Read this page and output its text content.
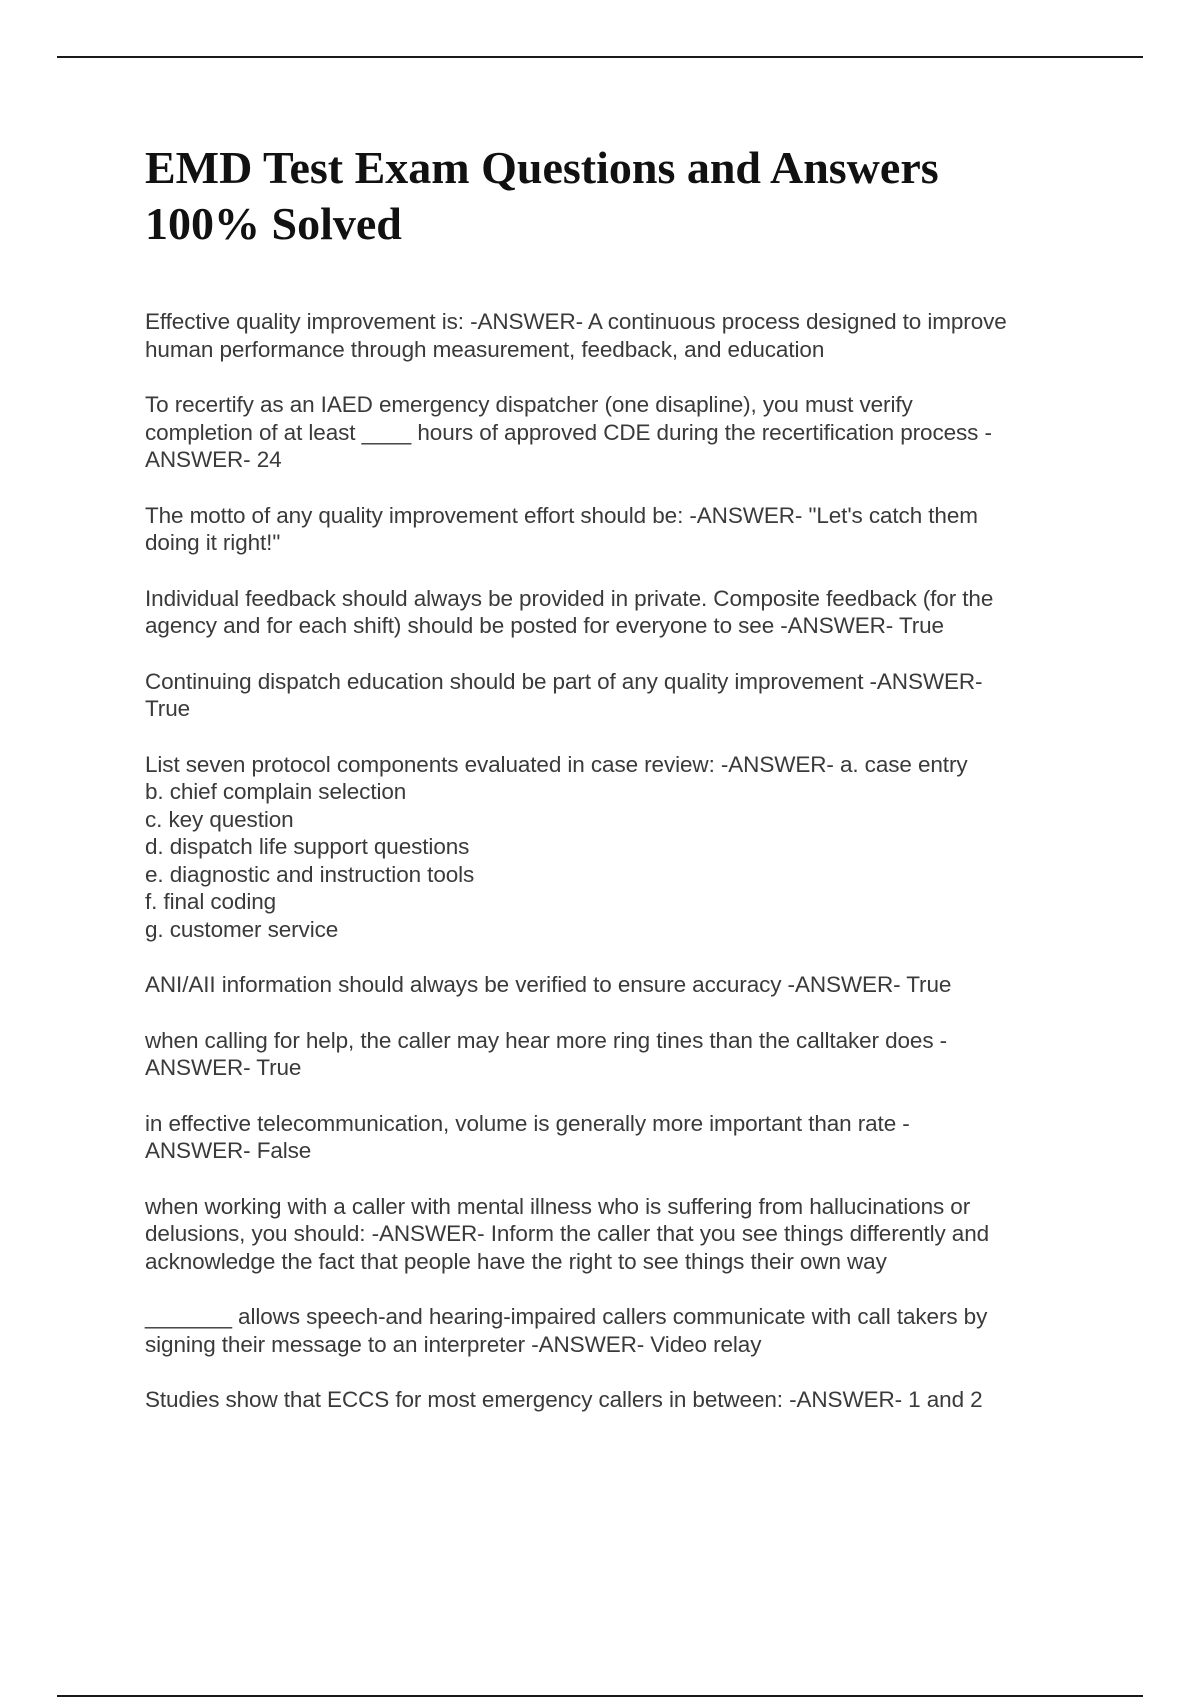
EMD Test Exam Questions and Answers
100% Solved

Effective quality improvement is: -ANSWER- A continuous process designed to improve
human performance through measurement, feedback, and education

To recertify as an IAED emergency dispatcher (one disapline), you must verify
completion of at least ____ hours of approved CDE during the recertification process -
ANSWER- 24

The motto of any quality improvement effort should be: -ANSWER- "Let's catch them
doing it right!"

Individual feedback should always be provided in private. Composite feedback (for the
agency and for each shift) should be posted for everyone to see -ANSWER- True

Continuing dispatch education should be part of any quality improvement -ANSWER-
True

List seven protocol components evaluated in case review: -ANSWER- a. case entry
b. chief complain selection
c. key question
d. dispatch life support questions
e. diagnostic and instruction tools
f. final coding
g. customer service

ANI/AII information should always be verified to ensure accuracy -ANSWER- True

when calling for help, the caller may hear more ring tines than the calltaker does -
ANSWER- True

in effective telecommunication, volume is generally more important than rate -
ANSWER- False

when working with a caller with mental illness who is suffering from hallucinations or
delusions, you should: -ANSWER- Inform the caller that you see things differently and
acknowledge the fact that people have the right to see things their own way

_______ allows speech-and hearing-impaired callers communicate with call takers by
signing their message to an interpreter -ANSWER- Video relay

Studies show that ECCS for most emergency callers in between: -ANSWER- 1 and 2
